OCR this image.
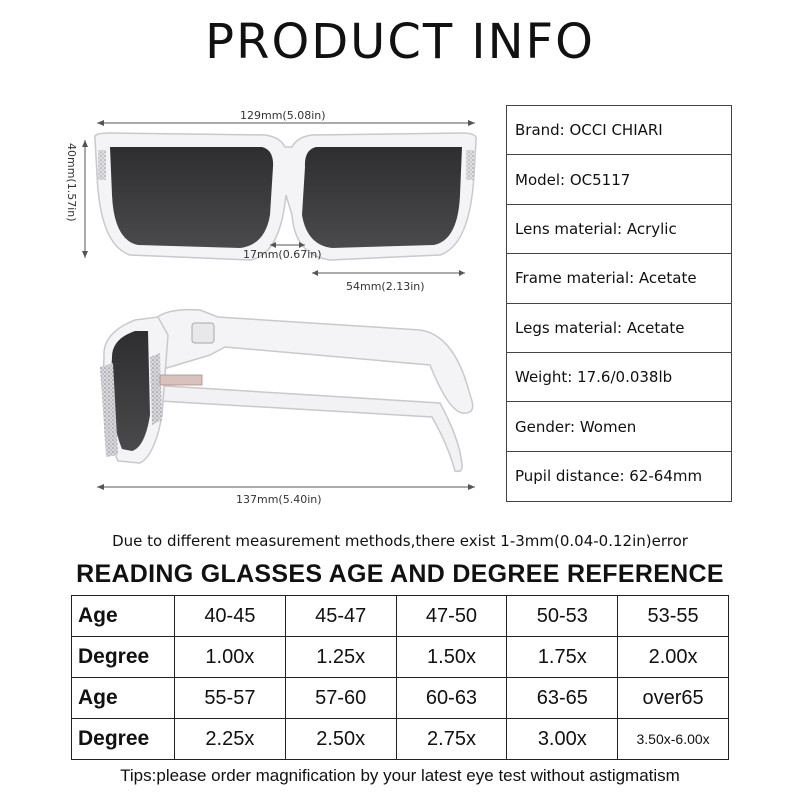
PRODUCT INFO
129mm(5.08in)
40mm(1.57in)
17mm(0.67in)
54mm(2.13in)
137mm(5.40in)
Brand: OCCI CHIARI
Model: OC5117
Lens material: Acrylic
Frame material: Acetate
Legs material: Acetate
Weight: 17.6/0.038lb
Gender: Women
Pupil distance: 62-64mm
Due to different measurement methods,there exist 1-3mm(0.04-0.12in)error
READING GLASSES AGE AND DEGREE REFERENCE
Age	40-45	45-47	47-50	50-53	53-55
Degree	1.00x	1.25x	1.50x	1.75x	2.00x
Age	55-57	57-60	60-63	63-65	over65
Degree	2.25x	2.50x	2.75x	3.00x	3.50x-6.00x
Tips:please order magnification by your latest eye test without astigmatism
